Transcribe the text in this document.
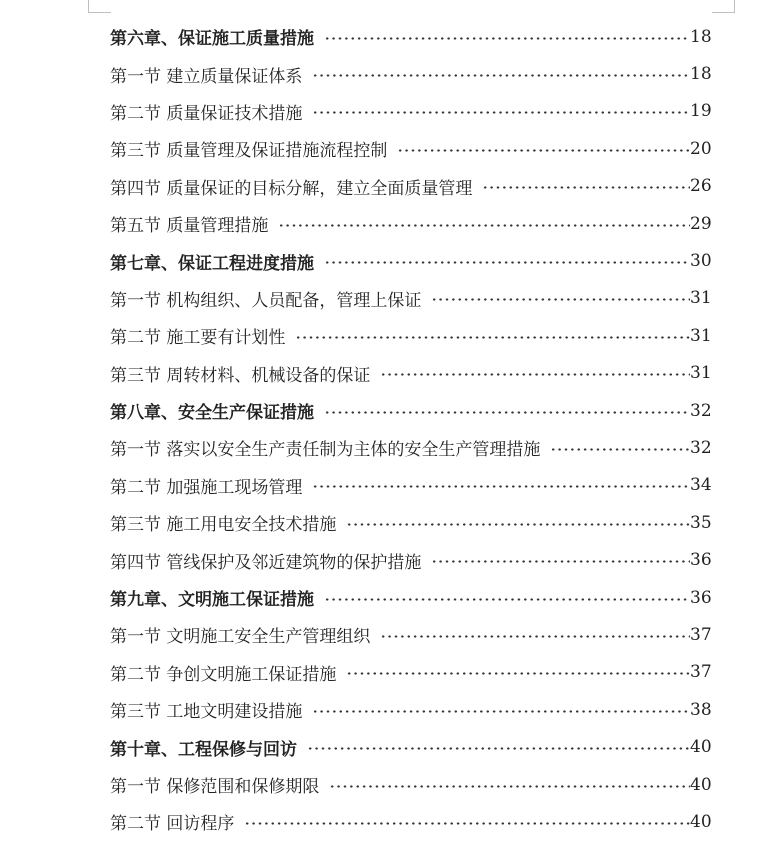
第六章、保证施工质量措施	18
第一节 建立质量保证体系	18
第二节 质量保证技术措施	19
第三节 质量管理及保证措施流程控制	20
第四节 质量保证的目标分解，建立全面质量管理	26
第五节 质量管理措施	29
第七章、保证工程进度措施	30
第一节 机构组织、人员配备，管理上保证	31
第二节 施工要有计划性	31
第三节 周转材料、机械设备的保证	31
第八章、安全生产保证措施	32
第一节 落实以安全生产责任制为主体的安全生产管理措施	32
第二节 加强施工现场管理	34
第三节 施工用电安全技术措施	35
第四节 管线保护及邻近建筑物的保护措施	36
第九章、文明施工保证措施	36
第一节 文明施工安全生产管理组织	37
第二节 争创文明施工保证措施	37
第三节 工地文明建设措施	38
第十章、工程保修与回访	40
第一节 保修范围和保修期限	40
第二节 回访程序	40
